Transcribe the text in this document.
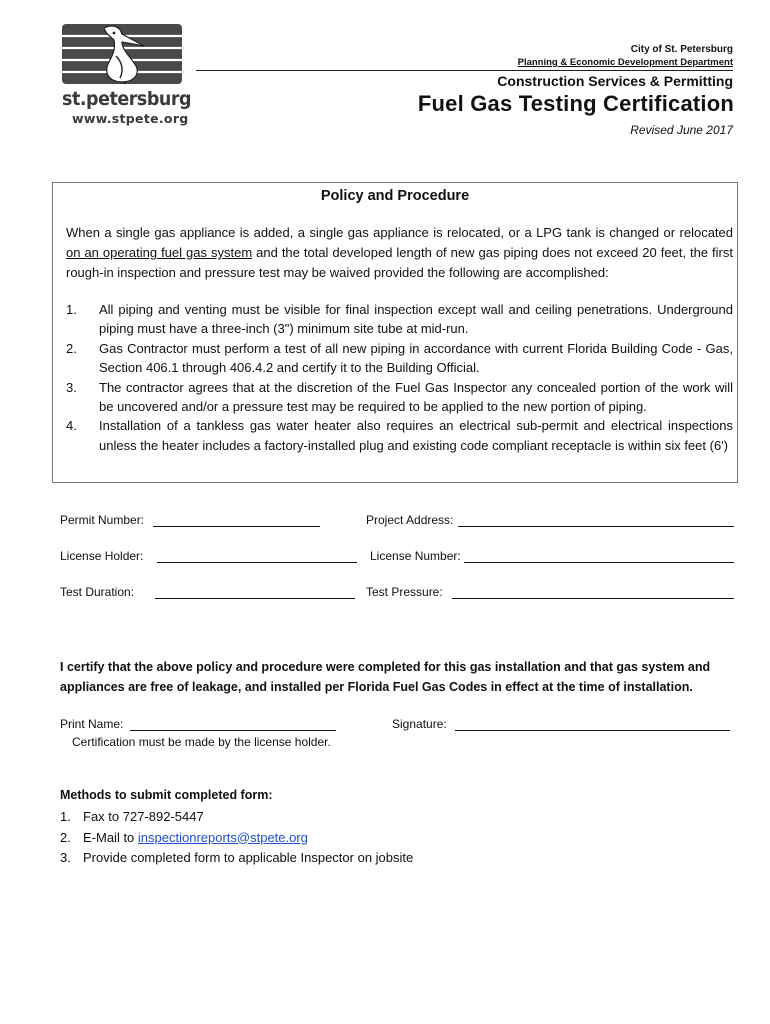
st.petersburg
www.stpete.org
City of St. Petersburg
Planning & Economic Development Department
Construction Services & Permitting
Fuel Gas Testing Certification
Revised June 2017
Policy and Procedure
When a single gas appliance is added, a single gas appliance is relocated, or a LPG tank is changed or relocated on an operating fuel gas system and the total developed length of new gas piping does not exceed 20 feet, the first rough-in inspection and pressure test may be waived provided the following are accomplished:
1. All piping and venting must be visible for final inspection except wall and ceiling penetrations. Underground piping must have a three-inch (3") minimum site tube at mid-run.
2. Gas Contractor must perform a test of all new piping in accordance with current Florida Building Code - Gas, Section 406.1 through 406.4.2 and certify it to the Building Official.
3. The contractor agrees that at the discretion of the Fuel Gas Inspector any concealed portion of the work will be uncovered and/or a pressure test may be required to be applied to the new portion of piping.
4. Installation of a tankless gas water heater also requires an electrical sub-permit and electrical inspections unless the heater includes a factory-installed plug and existing code compliant receptacle is within six feet (6')
Permit Number:	Project Address:
License Holder:	License Number:
Test Duration:	Test Pressure:
I certify that the above policy and procedure were completed for this gas installation and that gas system and appliances are free of leakage, and installed per Florida Fuel Gas Codes in effect at the time of installation.
Print Name:	Signature:
Certification must be made by the license holder.
Methods to submit completed form:
1. Fax to 727-892-5447
2. E-Mail to inspectionreports@stpete.org
3. Provide completed form to applicable Inspector on jobsite
